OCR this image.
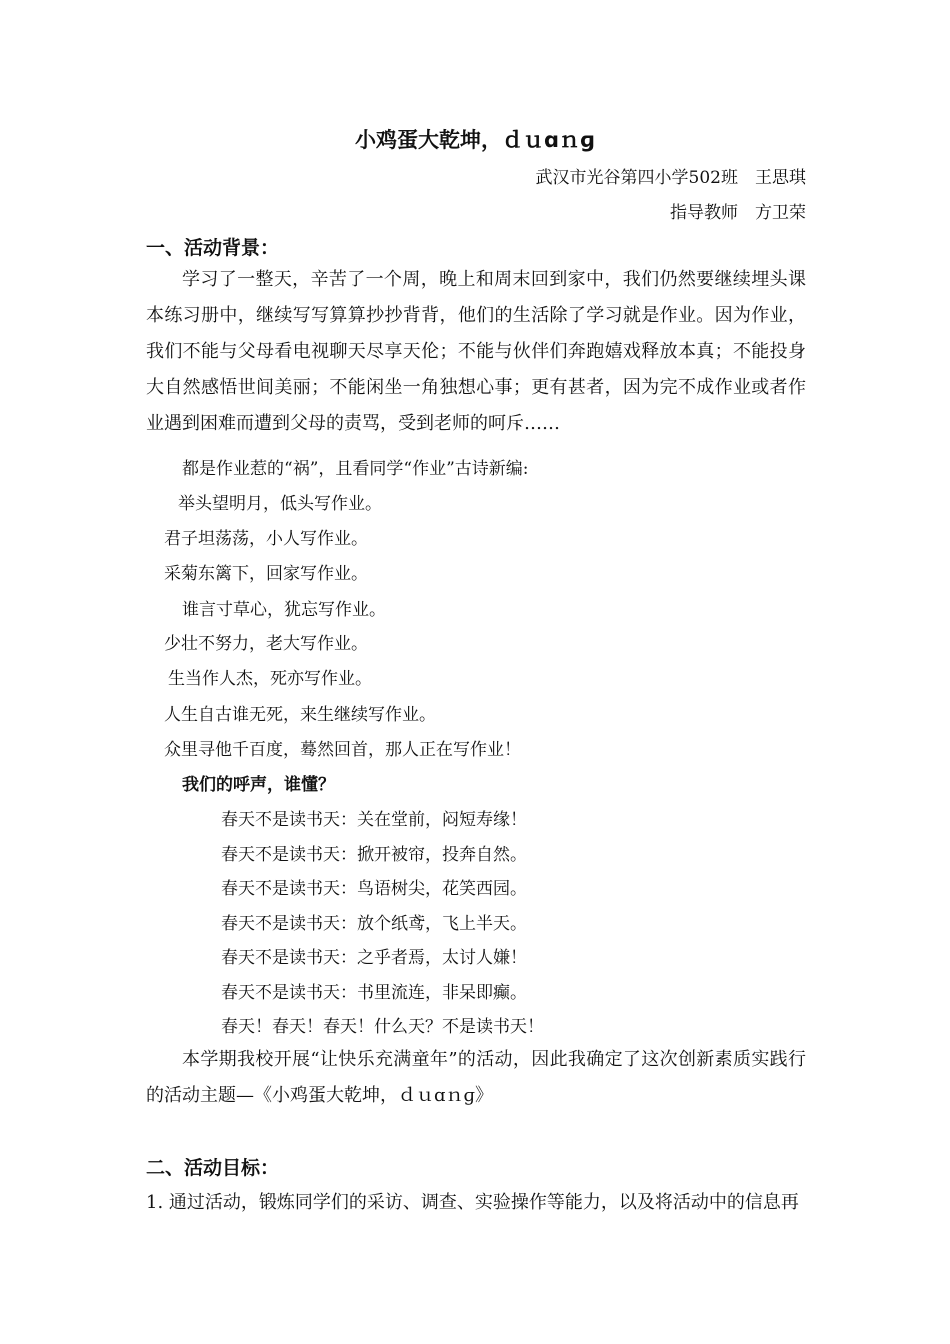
小鸡蛋大乾坤，ｄｕɑｎɡ
武汉市光谷第四小学502班　王思琪
指导教师　方卫荣
一、活动背景：

学习了一整天，辛苦了一个周，晚上和周末回到家中，我们仍然要继续埋头课本练习册中，继续写写算算抄抄背背，他们的生活除了学习就是作业。因为作业，我们不能与父母看电视聊天尽享天伦；不能与伙伴们奔跑嬉戏释放本真；不能投身大自然感悟世间美丽；不能闲坐一角独想心事；更有甚者，因为完不成作业或者作业遇到困难而遭到父母的责骂，受到老师的呵斥……

都是作业惹的“祸”，且看同学“作业”古诗新编:
举头望明月，低头写作业。
君子坦荡荡，小人写作业。
采菊东篱下，回家写作业。
谁言寸草心，犹忘写作业。
少壮不努力，老大写作业。
生当作人杰，死亦写作业。
人生自古谁无死，来生继续写作业。
众里寻他千百度，蓦然回首，那人正在写作业！
我们的呼声，谁懂？
春天不是读书天：关在堂前，闷短寿缘！
春天不是读书天：掀开被帘，投奔自然。
春天不是读书天：鸟语树尖，花笑西园。
春天不是读书天：放个纸鸢，飞上半天。
春天不是读书天：之乎者焉，太讨人嫌！
春天不是读书天：书里流连，非呆即癫。
春天！春天！春天！什么天？不是读书天！

本学期我校开展“让快乐充满童年”的活动，因此我确定了这次创新素质实践行的活动主题—《小鸡蛋大乾坤，ｄｕɑｎɡ》

二、活动目标：
1. 通过活动，锻炼同学们的采访、调查、实验操作等能力，以及将活动中的信息再
